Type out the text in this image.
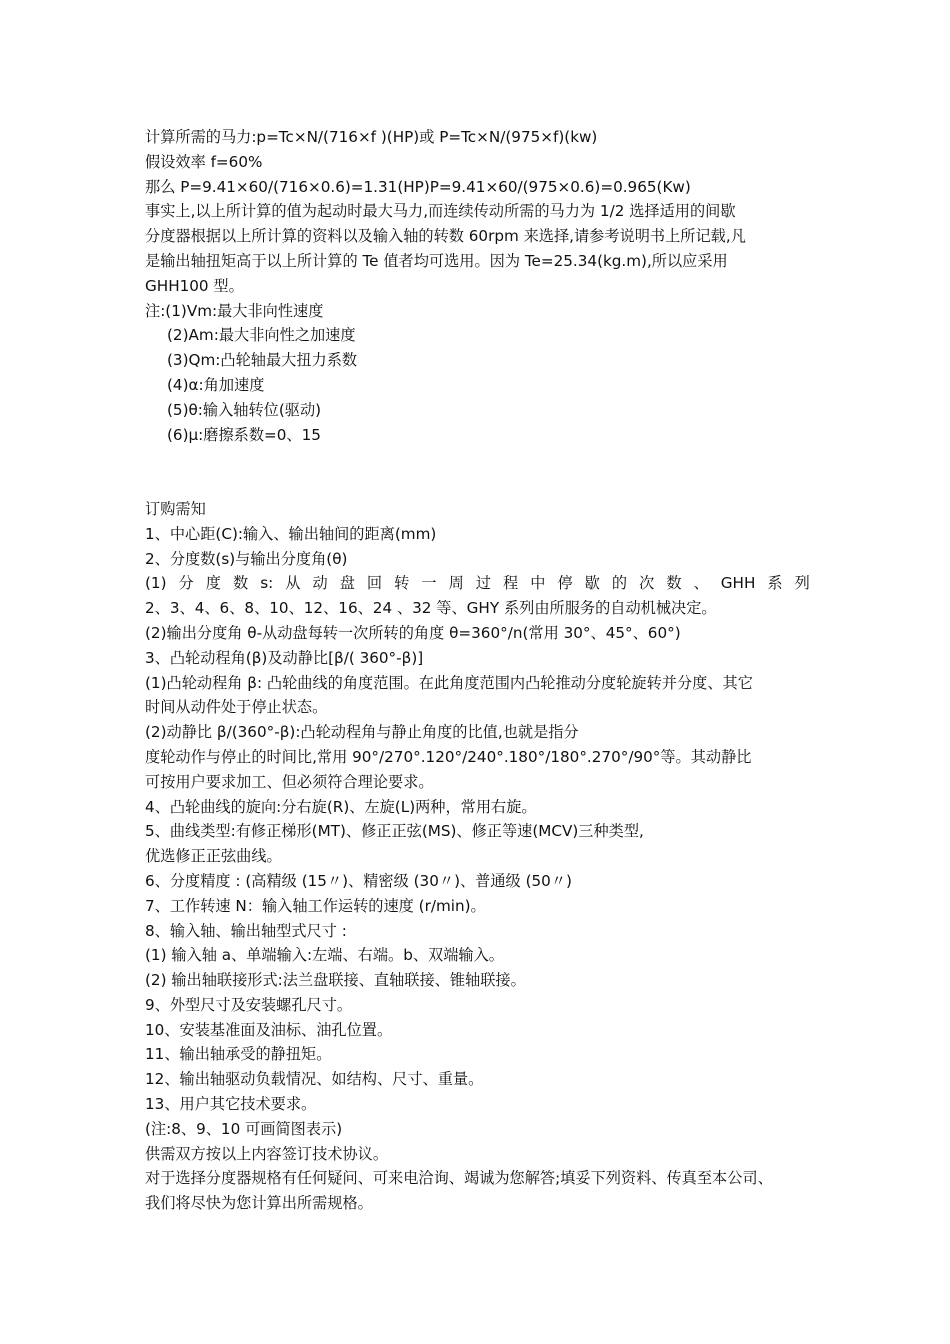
计算所需的马力:p=Tc×N/(716×f )(HP)或 P=Tc×N/(975×f)(kw)
假设效率 f=60%
那么 P=9.41×60/(716×0.6)=1.31(HP)P=9.41×60/(975×0.6)=0.965(Kw)
事实上,以上所计算的值为起动时最大马力,而连续传动所需的马力为 1/2 选择适用的间歇
分度器根据以上所计算的资料以及输入轴的转数 60rpm 来选择,请参考说明书上所记载,凡
是输出轴扭矩高于以上所计算的 Te 值者均可选用。因为 Te=25.34(kg.m),所以应采用
GHH100 型。
注:(1)Vm:最大非向性速度
(2)Am:最大非向性之加速度
(3)Qm:凸轮轴最大扭力系数
(4)α:角加速度
(5)θ:输入轴转位(驱动)
(6)μ:磨擦系数=0、15
订购需知
1、中心距(C):输入、输出轴间的距离(mm)
2、分度数(s)与输出分度角(θ)
(1) 分 度 数 s: 从 动 盘 回 转 一 周 过 程 中 停 歇 的 次 数 、 GHH 系 列
2、3、4、6、8、10、12、16、24 、32 等、GHY 系列由所服务的自动机械决定。
(2)输出分度角 θ-从动盘每转一次所转的角度 θ=360°/n(常用 30°、45°、60°)
3、凸轮动程角(β)及动静比[β/( 360°-β)]
(1)凸轮动程角 β: 凸轮曲线的角度范围。在此角度范围内凸轮推动分度轮旋转并分度、其它
时间从动件处于停止状态。
(2)动静比 β/(360°-β):凸轮动程角与静止角度的比值,也就是指分
度轮动作与停止的时间比,常用 90°/270°.120°/240°.180°/180°.270°/90°等。其动静比
可按用户要求加工、但必须符合理论要求。
4、凸轮曲线的旋向:分右旋(R)、左旋(L)两种，常用右旋。
5、曲线类型:有修正梯形(MT)、修正正弦(MS)、修正等速(MCV)三种类型,
优选修正正弦曲线。
6、分度精度 : (高精级 (15〃)、精密级 (30〃)、普通级 (50〃)
7、工作转速 N：输入轴工作运转的速度 (r/min)。
8、输入轴、输出轴型式尺寸 :
(1) 输入轴 a、单端输入:左端、右端。b、双端输入。
(2) 输出轴联接形式:法兰盘联接、直轴联接、锥轴联接。
9、外型尺寸及安装螺孔尺寸。
10、安装基准面及油标、油孔位置。
11、输出轴承受的静扭矩。
12、输出轴驱动负载情况、如结构、尺寸、重量。
13、用户其它技术要求。
(注:8、9、10 可画简图表示)
供需双方按以上内容签订技术协议。
对于选择分度器规格有任何疑问、可来电洽询、竭诚为您解答;填妥下列资料、传真至本公司、
我们将尽快为您计算出所需规格。
